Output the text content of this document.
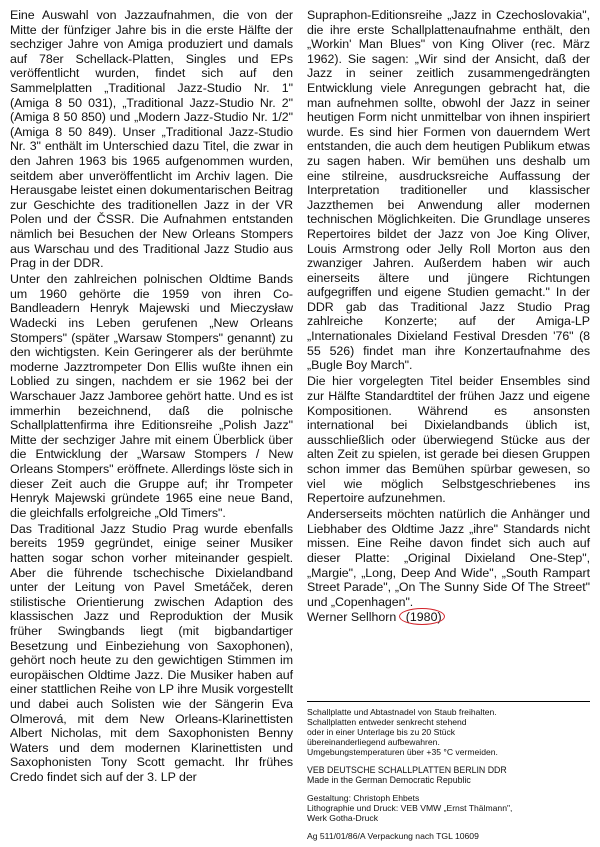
Eine Auswahl von Jazzaufnahmen, die von der Mitte der fünfziger Jahre bis in die erste Hälfte der sechziger Jahre von Amiga produziert und damals auf 78er Schellack-Platten, Singles und EPs veröffentlicht wurden, findet sich auf den Sammelplatten „Traditional Jazz-Studio Nr. 1" (Amiga 8 50 031), „Traditional Jazz-Studio Nr. 2" (Amiga 8 50 850) und „Modern Jazz-Studio Nr. 1/2" (Amiga 8 50 849). Unser „Traditional Jazz-Studio Nr. 3" enthält im Unterschied dazu Titel, die zwar in den Jahren 1963 bis 1965 aufgenommen wurden, seitdem aber unveröffentlicht im Archiv lagen. Die Herausgabe leistet einen dokumentarischen Beitrag zur Geschichte des traditionellen Jazz in der VR Polen und der ČSSR. Die Aufnahmen entstanden nämlich bei Besuchen der New Orleans Stompers aus Warschau und des Traditional Jazz Studio aus Prag in der DDR.

Unter den zahlreichen polnischen Oldtime Bands um 1960 gehörte die 1959 von ihren Co-Bandleadern Henryk Majewski und Mieczysław Wadecki ins Leben gerufenen „New Orleans Stompers" (später „Warsaw Stompers" genannt) zu den wichtigsten. Kein Geringerer als der berühmte moderne Jazztrompeter Don Ellis wußte ihnen ein Loblied zu singen, nachdem er sie 1962 bei der Warschauer Jazz Jamboree gehört hatte. Und es ist immerhin bezeichnend, daß die polnische Schallplattenfirma ihre Editionsreihe „Polish Jazz" Mitte der sechziger Jahre mit einem Überblick über die Entwicklung der „Warsaw Stompers / New Orleans Stompers" eröffnete. Allerdings löste sich in dieser Zeit auch die Gruppe auf; ihr Trompeter Henryk Majewski gründete 1965 eine neue Band, die gleichfalls erfolgreiche „Old Timers".

Das Traditional Jazz Studio Prag wurde ebenfalls bereits 1959 gegründet, einige seiner Musiker hatten sogar schon vorher miteinander gespielt. Aber die führende tschechische Dixielandband unter der Leitung von Pavel Smetáček, deren stilistische Orientierung zwischen Adaption des klassischen Jazz und Reproduktion der Musik früher Swingbands liegt (mit bigbandartiger Besetzung und Einbeziehung von Saxophonen), gehört noch heute zu den gewichtigen Stimmen im europäischen Oldtime Jazz. Die Musiker haben auf einer stattlichen Reihe von LP ihre Musik vorgestellt und dabei auch Solisten wie der Sängerin Eva Olmerová, mit dem New Orleans-Klarinettisten Albert Nicholas, mit dem Saxophonisten Benny Waters und dem modernen Klarinettisten und Saxophonisten Tony Scott gemacht. Ihr frühes Credo findet sich auf der 3. LP der

Supraphon-Editionsreihe „Jazz in Czechoslovakia", die ihre erste Schallplattenaufnahme enthält, den „Workin' Man Blues" von King Oliver (rec. März 1962). Sie sagen: „Wir sind der Ansicht, daß der Jazz in seiner zeitlich zusammengedrängten Entwicklung viele Anregungen gebracht hat, die man aufnehmen sollte, obwohl der Jazz in seiner heutigen Form nicht unmittelbar von ihnen inspiriert wurde. Es sind hier Formen von dauerndem Wert entstanden, die auch dem heutigen Publikum etwas zu sagen haben. Wir bemühen uns deshalb um eine stilreine, ausdrucksreiche Auffassung der Interpretation traditioneller und klassischer Jazzthemen bei Anwendung aller modernen technischen Möglichkeiten. Die Grundlage unseres Repertoires bildet der Jazz von Joe King Oliver, Louis Armstrong oder Jelly Roll Morton aus den zwanziger Jahren. Außerdem haben wir auch einerseits ältere und jüngere Richtungen aufgegriffen und eigene Studien gemacht." In der DDR gab das Traditional Jazz Studio Prag zahlreiche Konzerte; auf der Amiga-LP „Internationales Dixieland Festival Dresden '76" (8 55 526) findet man ihre Konzertaufnahme des „Bugle Boy March".

Die hier vorgelegten Titel beider Ensembles sind zur Hälfte Standardtitel der frühen Jazz und eigene Kompositionen. Während es ansonsten international bei Dixielandbands üblich ist, ausschließlich oder überwiegend Stücke aus der alten Zeit zu spielen, ist gerade bei diesen Gruppen schon immer das Bemühen spürbar gewesen, so viel wie möglich Selbstgeschriebenes ins Repertoire aufzunehmen.

Anderserseits möchten natürlich die Anhänger und Liebhaber des Oldtime Jazz „ihre" Standards nicht missen. Eine Reihe davon findet sich auch auf dieser Platte: „Original Dixieland One-Step", „Margie", „Long, Deep And Wide", „South Rampart Street Parade", „On The Sunny Side Of The Street" und „Copenhagen".

Werner Sellhorn (1980)
Schallplatte und Abtastnadel von Staub freihalten.
Schallplatten entweder senkrecht stehend
oder in einer Unterlage bis zu 20 Stück
übereinanderliegend aufbewahren.
Umgebungstemperaturen über +35 °C vermeiden.
VEB DEUTSCHE SCHALLPLATTEN BERLIN DDR
Made in the German Democratic Republic
Gestaltung: Christoph Ehbets
Lithographie und Druck: VEB VMW „Ernst Thälmann",
Werk Gotha-Druck
Ag 511/01/86/A Verpackung nach TGL 10609
